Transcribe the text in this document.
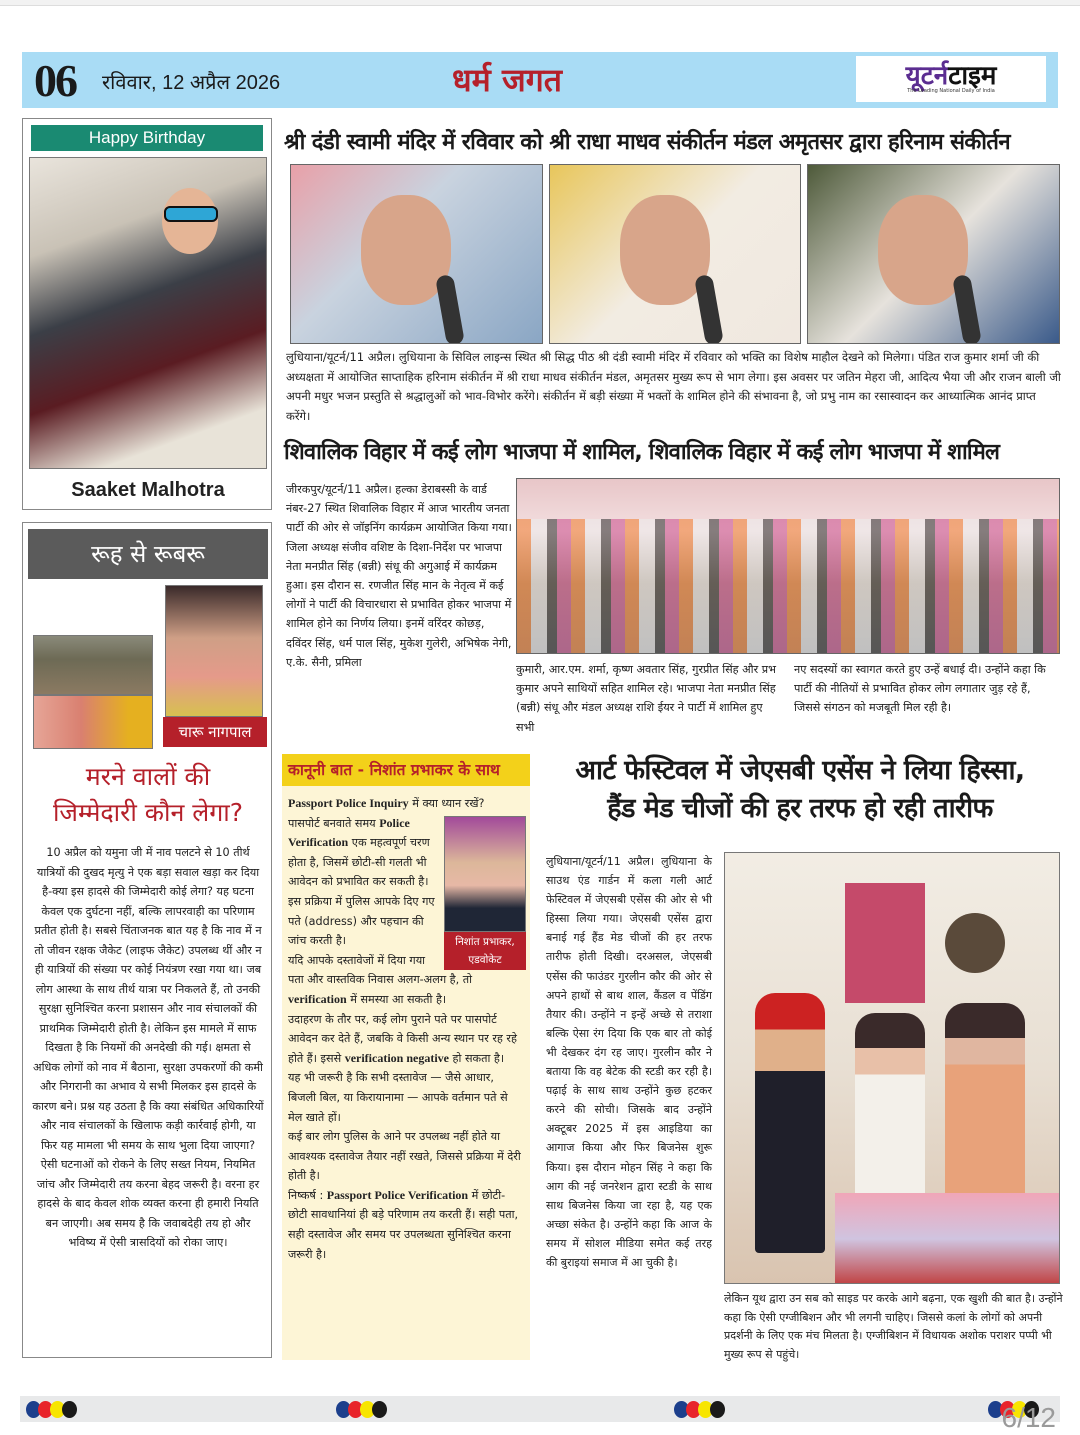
06 रविवार, 12 अप्रैल 2026	धर्म जगत	यूटर्नटाइम
The Leading National Daily of India
Happy Birthday
Saaket Malhotra
रूह से रूबरू
चारू नागपाल
मरने वालों की
जिम्मेदारी कौन लेगा?

10 अप्रैल को यमुना जी में नाव पलटने से 10 तीर्थ यात्रियों की दुखद मृत्यु ने एक बड़ा सवाल खड़ा कर दिया है-क्या इस हादसे की जिम्मेदारी कोई लेगा? यह घटना केवल एक दुर्घटना नहीं, बल्कि लापरवाही का परिणाम प्रतीत होती है। सबसे चिंताजनक बात यह है कि नाव में न तो जीवन रक्षक जैकेट (लाइफ जैकेट) उपलब्ध थीं और न ही यात्रियों की संख्या पर कोई नियंत्रण रखा गया था। जब लोग आस्था के साथ तीर्थ यात्रा पर निकलते हैं, तो उनकी सुरक्षा सुनिश्चित करना प्रशासन और नाव संचालकों की प्राथमिक जिम्मेदारी होती है। लेकिन इस मामले में साफ दिखता है कि नियमों की अनदेखी की गई। क्षमता से अधिक लोगों को नाव में बैठाना, सुरक्षा उपकरणों की कमी और निगरानी का अभाव ये सभी मिलकर इस हादसे के कारण बने। प्रश्न यह उठता है कि क्या संबंधित अधिकारियों और नाव संचालकों के खिलाफ कड़ी कार्रवाई होगी, या फिर यह मामला भी समय के साथ भुला दिया जाएगा? ऐसी घटनाओं को रोकने के लिए सख्त नियम, नियमित जांच और जिम्मेदारी तय करना बेहद जरूरी है। वरना हर हादसे के बाद केवल शोक व्यक्त करना ही हमारी नियति बन जाएगी। अब समय है कि जवाबदेही तय हो और भविष्य में ऐसी त्रासदियों को रोका जाए।

श्री दंडी स्वामी मंदिर में रविवार को श्री राधा माधव संकीर्तन मंडल अमृतसर द्वारा हरिनाम संकीर्तन

लुधियाना/यूटर्न/11 अप्रैल। लुधियाना के सिविल लाइन्स स्थित श्री सिद्ध पीठ श्री दंडी स्वामी मंदिर में रविवार को भक्ति का विशेष माहौल देखने को मिलेगा। पंडित राज कुमार शर्मा जी की अध्यक्षता में आयोजित साप्ताहिक हरिनाम संकीर्तन में श्री राधा माधव संकीर्तन मंडल, अमृतसर मुख्य रूप से भाग लेगा। इस अवसर पर जतिन मेहरा जी, आदित्य भैया जी और राजन बाली जी अपनी मधुर भजन प्रस्तुति से श्रद्धालुओं को भाव-विभोर करेंगे। संकीर्तन में बड़ी संख्या में भक्तों के शामिल होने की संभावना है, जो प्रभु नाम का रसास्वादन कर आध्यात्मिक आनंद प्राप्त करेंगे।

शिवालिक विहार में कई लोग भाजपा में शामिल, शिवालिक विहार में कई लोग भाजपा में शामिल

जीरकपुर/यूटर्न/11 अप्रैल। हल्का डेराबस्सी के वार्ड नंबर-27 स्थित शिवालिक विहार में आज भारतीय जनता पार्टी की ओर से जॉइनिंग कार्यक्रम आयोजित किया गया। जिला अध्यक्ष संजीव वशिष्ट के दिशा-निर्देश पर भाजपा नेता मनप्रीत सिंह (बन्नी) संधू की अगुआई में कार्यक्रम हुआ। इस दौरान स. रणजीत सिंह मान के नेतृत्व में कई लोगों ने पार्टी की विचारधारा से प्रभावित होकर भाजपा में शामिल होने का निर्णय लिया। इनमें वरिंदर कोछड़, दविंदर सिंह, धर्म पाल सिंह, मुकेश गुलेरी, अभिषेक नेगी, ए.के. सैनी, प्रमिला

कुमारी, आर.एम. शर्मा, कृष्ण अवतार सिंह, गुरप्रीत सिंह और प्रभ कुमार अपने साथियों सहित शामिल रहे। भाजपा नेता मनप्रीत सिंह (बन्नी) संधू और मंडल अध्यक्ष राशि ईयर ने पार्टी में शामिल हुए सभी

नए सदस्यों का स्वागत करते हुए उन्हें बधाई दी। उन्होंने कहा कि पार्टी की नीतियों से प्रभावित होकर लोग लगातार जुड़ रहे हैं, जिससे संगठन को मजबूती मिल रही है।

कानूनी बात - निशांत प्रभाकर के साथ

Passport Police Inquiry में क्या ध्यान रखें?

निशांत प्रभाकर,
एडवोकेट

पासपोर्ट बनवाते समय Police Verification एक महत्वपूर्ण चरण होता है, जिसमें छोटी-सी गलती भी आवेदन को प्रभावित कर सकती है।

इस प्रक्रिया में पुलिस आपके दिए गए पते (address) और पहचान की जांच करती है।

यदि आपके दस्तावेजों में दिया गया पता और वास्तविक निवास अलग-अलग है, तो verification में समस्या आ सकती है।

उदाहरण के तौर पर, कई लोग पुराने पते पर पासपोर्ट आवेदन कर देते हैं, जबकि वे किसी अन्य स्थान पर रह रहे होते हैं। इससे verification negative हो सकता है।

यह भी जरूरी है कि सभी दस्तावेज — जैसे आधार, बिजली बिल, या किरायानामा — आपके वर्तमान पते से मेल खाते हों।

कई बार लोग पुलिस के आने पर उपलब्ध नहीं होते या आवश्यक दस्तावेज तैयार नहीं रखते, जिससे प्रक्रिया में देरी होती है।

निष्कर्ष : Passport Police Verification में छोटी-छोटी सावधानियां ही बड़े परिणाम तय करती हैं। सही पता, सही दस्तावेज और समय पर उपलब्धता सुनिश्चित करना जरूरी है।

आर्ट फेस्टिवल में जेएसबी एसेंस ने लिया हिस्सा,
हैंड मेड चीजों की हर तरफ हो रही तारीफ

लुधियाना/यूटर्न/11 अप्रैल। लुधियाना के साउथ एंड गार्डन में कला गली आर्ट फेस्टिवल में जेएसबी एसेंस की ओर से भी हिस्सा लिया गया। जेएसबी एसेंस द्वारा बनाई गई हैंड मेड चीजों की हर तरफ तारीफ होती दिखी। दरअसल, जेएसबी एसेंस की फाउंडर गुरलीन कौर की ओर से अपने हाथों से बाथ शाल, कैंडल व पेंडिंग तैयार की। उन्होंने न इन्हें अच्छे से तराशा बल्कि ऐसा रंग दिया कि एक बार तो कोई भी देखकर दंग रह जाए। गुरलीन कौर ने बताया कि वह बेटेक की स्टडी कर रही है। पढ़ाई के साथ साथ उन्होंने कुछ हटकर करने की सोची। जिसके बाद उन्होंने अक्टूबर 2025 में इस आइडिया का आगाज किया और फिर बिजनेस शुरू किया। इस दौरान मोहन सिंह ने कहा कि आग की नई जनरेशन द्वारा स्टडी के साथ साथ बिजनेस किया जा रहा है, यह एक अच्छा संकेत है। उन्होंने कहा कि आज के समय में सोशल मीडिया समेत कई तरह की बुराइयां समाज में आ चुकी है।

लेकिन यूथ द्वारा उन सब को साइड पर करके आगे बढ़ना, एक खुशी की बात है। उन्होंने कहा कि ऐसी एग्जीबिशन और भी लगनी चाहिए। जिससे कलां के लोगों को अपनी प्रदर्शनी के लिए एक मंच मिलता है। एग्जीबिशन में विधायक अशोक पराशर पप्पी भी मुख्य रूप से पहुंचे।

6/12
